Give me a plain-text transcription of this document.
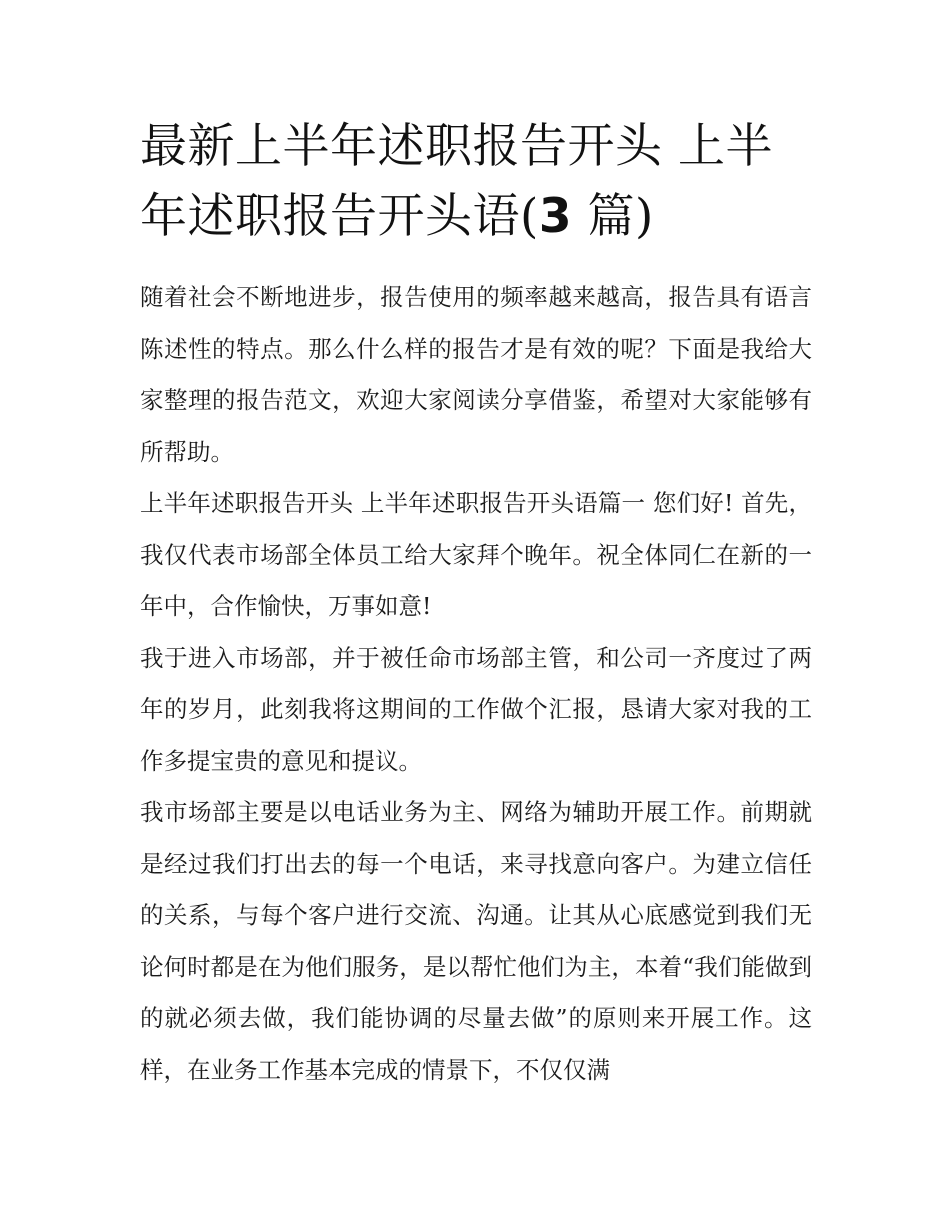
最新上半年述职报告开头 上半年述职报告开头语(3 篇)

随着社会不断地进步，报告使用的频率越来越高，报告具有语言陈述性的特点。那么什么样的报告才是有效的呢？下面是我给大家整理的报告范文，欢迎大家阅读分享借鉴，希望对大家能够有所帮助。

上半年述职报告开头 上半年述职报告开头语篇一 您们好! 首先，我仅代表市场部全体员工给大家拜个晚年。祝全体同仁在新的一年中，合作愉快，万事如意!

我于进入市场部，并于被任命市场部主管，和公司一齐度过了两年的岁月，此刻我将这期间的工作做个汇报，恳请大家对我的工作多提宝贵的意见和提议。

我市场部主要是以电话业务为主、网络为辅助开展工作。前期就是经过我们打出去的每一个电话，来寻找意向客户。为建立信任的关系，与每个客户进行交流、沟通。让其从心底感觉到我们无论何时都是在为他们服务，是以帮忙他们为主，本着“我们能做到的就必须去做，我们能协调的尽量去做”的原则来开展工作。这样，在业务工作基本完成的情景下，不仅仅满
